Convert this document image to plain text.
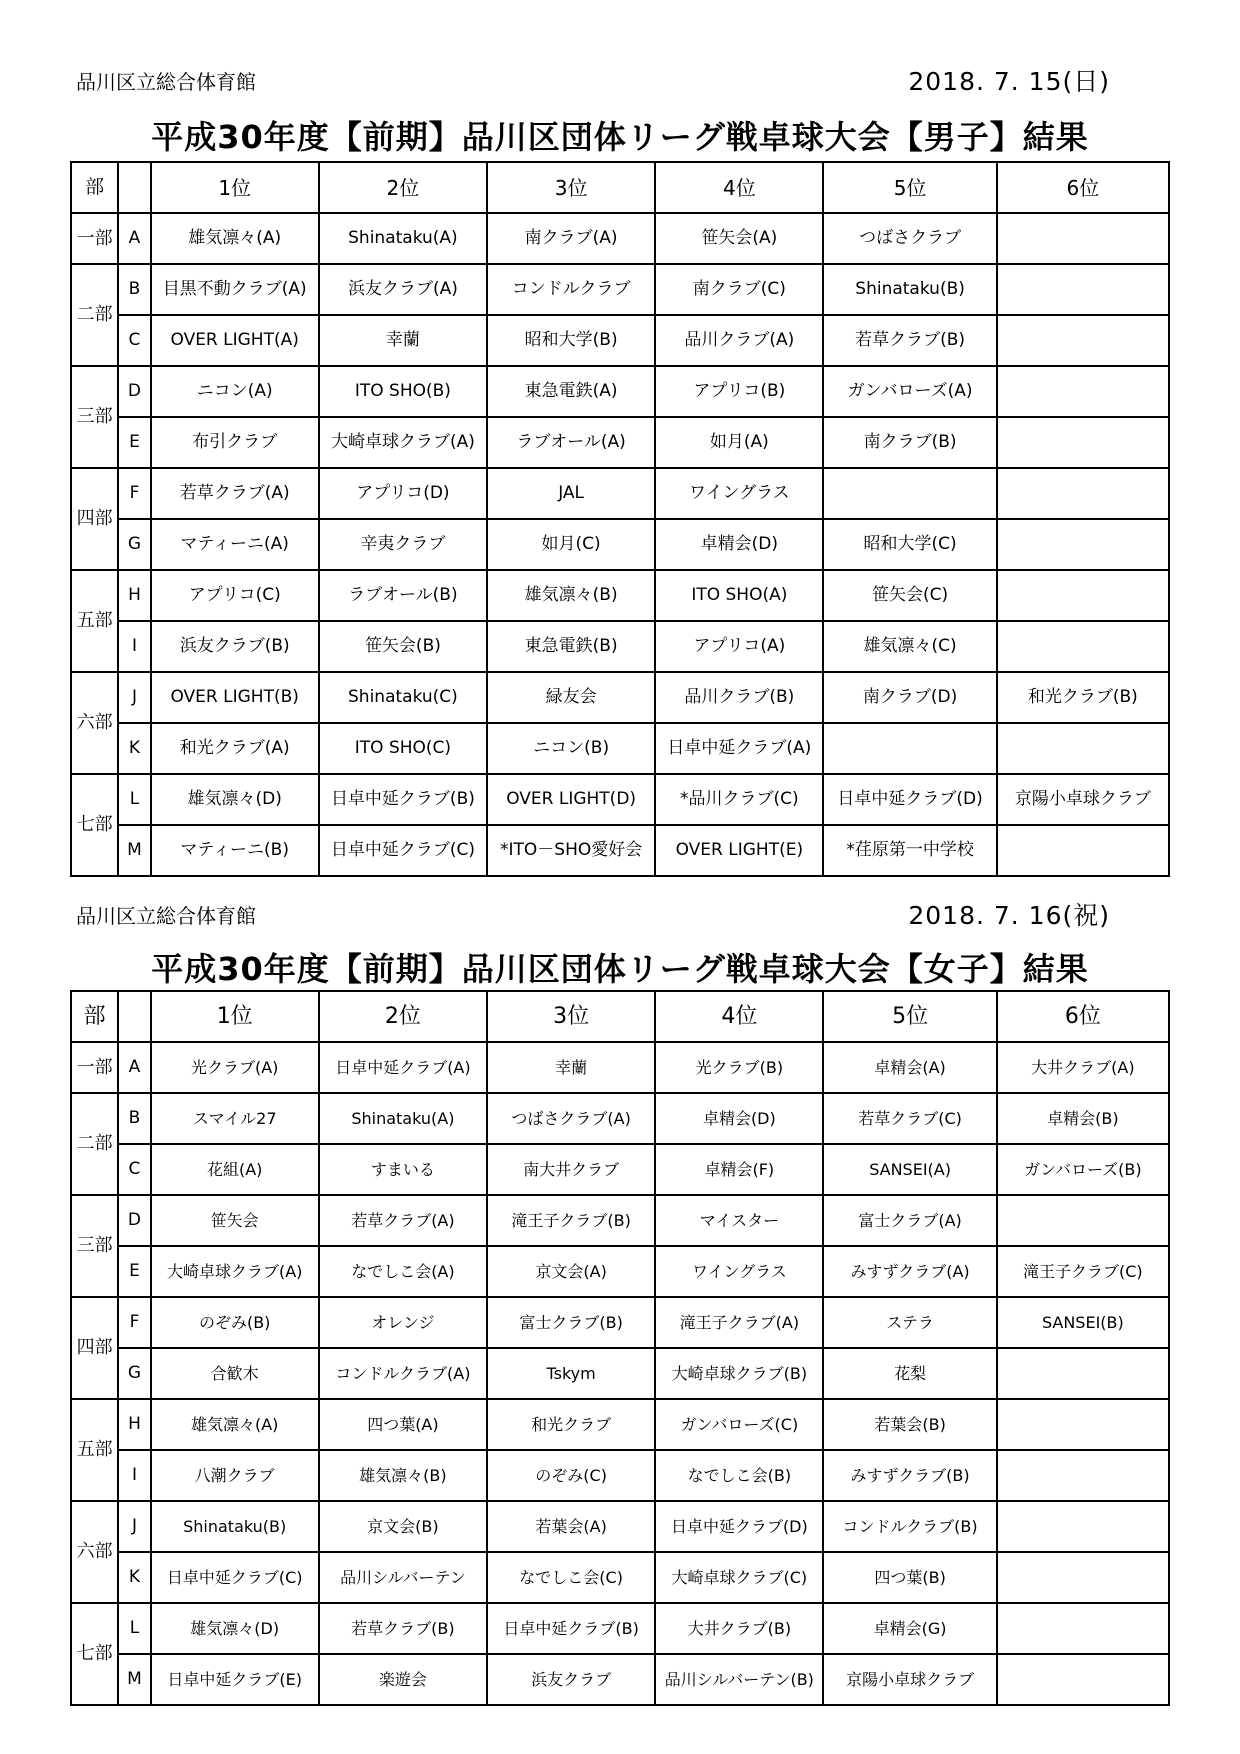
品川区立総合体育館	2018. 7. 15(日)
平成30年度【前期】品川区団体リーグ戦卓球大会【男子】結果
部		1位	2位	3位	4位	5位	6位
一部	A	雄気凛々(A)	Shinataku(A)	南クラブ(A)	笹矢会(A)	つばさクラブ	
二部	B	目黒不動クラブ(A)	浜友クラブ(A)	コンドルクラブ	南クラブ(C)	Shinataku(B)	
	C	OVER LIGHT(A)	幸蘭	昭和大学(B)	品川クラブ(A)	若草クラブ(B)	
三部	D	ニコン(A)	ITO SHO(B)	東急電鉄(A)	アプリコ(B)	ガンバローズ(A)	
	E	布引クラブ	大崎卓球クラブ(A)	ラブオール(A)	如月(A)	南クラブ(B)	
四部	F	若草クラブ(A)	アプリコ(D)	JAL	ワイングラス		
	G	マティーニ(A)	辛夷クラブ	如月(C)	卓精会(D)	昭和大学(C)	
五部	H	アプリコ(C)	ラブオール(B)	雄気凛々(B)	ITO SHO(A)	笹矢会(C)	
	I	浜友クラブ(B)	笹矢会(B)	東急電鉄(B)	アプリコ(A)	雄気凛々(C)	
六部	J	OVER LIGHT(B)	Shinataku(C)	緑友会	品川クラブ(B)	南クラブ(D)	和光クラブ(B)
	K	和光クラブ(A)	ITO SHO(C)	ニコン(B)	日卓中延クラブ(A)		
七部	L	雄気凛々(D)	日卓中延クラブ(B)	OVER LIGHT(D)	*品川クラブ(C)	日卓中延クラブ(D)	京陽小卓球クラブ
	M	マティーニ(B)	日卓中延クラブ(C)	*ITO－SHO愛好会	OVER LIGHT(E)	*荏原第一中学校	
品川区立総合体育館	2018. 7. 16(祝)
平成30年度【前期】品川区団体リーグ戦卓球大会【女子】結果
部		1位	2位	3位	4位	5位	6位
一部	A	光クラブ(A)	日卓中延クラブ(A)	幸蘭	光クラブ(B)	卓精会(A)	大井クラブ(A)
二部	B	スマイル27	Shinataku(A)	つばさクラブ(A)	卓精会(D)	若草クラブ(C)	卓精会(B)
	C	花組(A)	すまいる	南大井クラブ	卓精会(F)	SANSEI(A)	ガンバローズ(B)
三部	D	笹矢会	若草クラブ(A)	滝王子クラブ(B)	マイスター	富士クラブ(A)	
	E	大崎卓球クラブ(A)	なでしこ会(A)	京文会(A)	ワイングラス	みすずクラブ(A)	滝王子クラブ(C)
四部	F	のぞみ(B)	オレンジ	富士クラブ(B)	滝王子クラブ(A)	ステラ	SANSEI(B)
	G	合歓木	コンドルクラブ(A)	Tskym	大崎卓球クラブ(B)	花梨	
五部	H	雄気凛々(A)	四つ葉(A)	和光クラブ	ガンバローズ(C)	若葉会(B)	
	I	八潮クラブ	雄気凛々(B)	のぞみ(C)	なでしこ会(B)	みすずクラブ(B)	
六部	J	Shinataku(B)	京文会(B)	若葉会(A)	日卓中延クラブ(D)	コンドルクラブ(B)	
	K	日卓中延クラブ(C)	品川シルバーテン	なでしこ会(C)	大崎卓球クラブ(C)	四つ葉(B)	
七部	L	雄気凛々(D)	若草クラブ(B)	日卓中延クラブ(B)	大井クラブ(B)	卓精会(G)	
	M	日卓中延クラブ(E)	楽遊会	浜友クラブ	品川シルバーテン(B)	京陽小卓球クラブ	
